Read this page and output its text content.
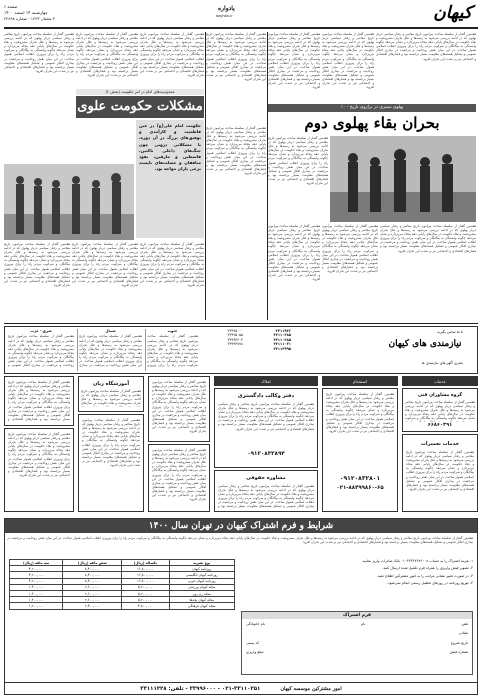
صفحه ۶
چهارشنبه ۱۴ اسفند ۱۴۰۰
۳ شعبان ۱۴۴۳ - شماره ۲۲۸۹۸
یادواره
kayhan.ir	کیهان
هفتمین گفتار از سلسله مباحث پیرامون تاریخ معاصر و رفتار سیاسی دربار پهلوی که در ادامه بررسی می‌شود به زمینه‌ها و علل بحران مشروعیت و بقاء حکومت در سال‌های پایانی دهه پنجاه می‌پردازد و نشان می‌دهد چگونه وابستگی به بیگانگان و سرکوب مردم راه را برای پیروزی انقلاب اسلامی هموار ساخت. در این میان نقش روحانیت و مرجعیت در بیداری افکار عمومی و تشکیل هسته‌های مقاومت بسیار برجسته بود و فشارهای اقتصادی و اجتماعی نیز بر شدت این بحران افزود.
هفتمین گفتار از سلسله مباحث پیرامون تاریخ معاصر و رفتار سیاسی دربار پهلوی که در ادامه بررسی می‌شود به زمینه‌ها و علل بحران مشروعیت و بقاء حکومت در سال‌های پایانی دهه پنجاه می‌پردازد و نشان می‌دهد چگونه وابستگی به بیگانگان و سرکوب مردم راه را برای پیروزی انقلاب اسلامی هموار ساخت. در این میان نقش روحانیت و مرجعیت در بیداری افکار عمومی و تشکیل هسته‌های مقاومت بسیار برجسته بود و فشارهای اقتصادی و اجتماعی نیز بر شدت این بحران افزود.
هفتمین گفتار از سلسله مباحث پیرامون تاریخ معاصر و رفتار سیاسی دربار پهلوی که در ادامه بررسی می‌شود به زمینه‌ها و علل بحران مشروعیت و بقاء حکومت در سال‌های پایانی دهه پنجاه می‌پردازد و نشان می‌دهد چگونه وابستگی به بیگانگان و سرکوب مردم راه را برای پیروزی انقلاب اسلامی هموار ساخت. در این میان نقش روحانیت و مرجعیت در بیداری افکار عمومی و تشکیل هسته‌های مقاومت بسیار برجسته بود و فشارهای اقتصادی و اجتماعی نیز بر شدت این بحران افزود.
پهلوی ستیزی در ترازوی تاریخ - ۱۰
بحران بقاء پهلوی دوم
هفتمین گفتار از سلسله مباحث پیرامون تاریخ معاصر و رفتار سیاسی دربار پهلوی که در ادامه بررسی می‌شود به زمینه‌ها و علل بحران مشروعیت و بقاء حکومت در سال‌های پایانی دهه پنجاه می‌پردازد و نشان می‌دهد چگونه وابستگی به بیگانگان و سرکوب مردم راه را برای پیروزی انقلاب اسلامی هموار ساخت. در این میان نقش روحانیت و مرجعیت در بیداری افکار عمومی و تشکیل هسته‌های مقاومت بسیار برجسته بود و فشارهای اقتصادی و اجتماعی نیز بر شدت این بحران افزود.
هفتمین گفتار از سلسله مباحث پیرامون تاریخ معاصر و رفتار سیاسی دربار پهلوی که در ادامه بررسی می‌شود به زمینه‌ها و علل بحران مشروعیت و بقاء حکومت در سال‌های پایانی دهه پنجاه می‌پردازد و نشان می‌دهد چگونه وابستگی به بیگانگان و سرکوب مردم راه را برای پیروزی انقلاب اسلامی هموار ساخت. در این میان نقش روحانیت و مرجعیت در بیداری افکار عمومی و تشکیل هسته‌های مقاومت بسیار برجسته بود و فشارهای اقتصادی و اجتماعی نیز بر شدت این بحران افزود.
هفتمین گفتار از سلسله مباحث پیرامون تاریخ معاصر و رفتار سیاسی دربار پهلوی که در ادامه بررسی می‌شود به زمینه‌ها و علل بحران مشروعیت و بقاء حکومت در سال‌های پایانی دهه پنجاه می‌پردازد و نشان می‌دهد چگونه وابستگی به بیگانگان و سرکوب مردم راه را برای پیروزی انقلاب اسلامی هموار ساخت. در این میان نقش روحانیت و مرجعیت در بیداری افکار عمومی و تشکیل هسته‌های مقاومت بسیار برجسته بود و فشارهای اقتصادی و اجتماعی نیز بر شدت این بحران افزود.
هفتمین گفتار از سلسله مباحث پیرامون تاریخ معاصر و رفتار سیاسی دربار پهلوی که در ادامه بررسی می‌شود به زمینه‌ها و علل بحران مشروعیت و بقاء حکومت در سال‌های پایانی دهه پنجاه می‌پردازد و نشان می‌دهد چگونه وابستگی به بیگانگان و سرکوب مردم راه را برای پیروزی انقلاب اسلامی هموار ساخت. در این میان نقش روحانیت و مرجعیت در بیداری افکار عمومی و تشکیل هسته‌های مقاومت بسیار برجسته بود و فشارهای اقتصادی و اجتماعی نیز بر شدت این بحران افزود.
هفتمین گفتار از سلسله مباحث پیرامون تاریخ معاصر و رفتار سیاسی دربار پهلوی که در ادامه بررسی می‌شود به زمینه‌ها و علل بحران مشروعیت و بقاء حکومت در سال‌های پایانی دهه پنجاه می‌پردازد و نشان می‌دهد چگونه وابستگی به بیگانگان و سرکوب مردم راه را برای پیروزی انقلاب اسلامی هموار ساخت. در این میان نقش روحانیت و مرجعیت در بیداری افکار عمومی و تشکیل هسته‌های مقاومت بسیار برجسته بود و فشارهای اقتصادی و اجتماعی نیز بر شدت این بحران افزود.
هفتمین گفتار از سلسله مباحث پیرامون تاریخ معاصر و رفتار سیاسی دربار پهلوی که در ادامه بررسی می‌شود به زمینه‌ها و علل بحران مشروعیت و بقاء حکومت در سال‌های پایانی دهه پنجاه می‌پردازد و نشان می‌دهد چگونه وابستگی به بیگانگان و سرکوب مردم راه را برای پیروزی انقلاب اسلامی هموار ساخت. در این میان نقش روحانیت و مرجعیت در بیداری افکار عمومی و تشکیل هسته‌های مقاومت بسیار برجسته بود و فشارهای اقتصادی و اجتماعی نیز بر شدت این بحران افزود.
هفتمین گفتار از سلسله مباحث پیرامون تاریخ معاصر و رفتار سیاسی دربار پهلوی که در ادامه بررسی می‌شود به زمینه‌ها و علل بحران مشروعیت و بقاء حکومت در سال‌های پایانی دهه پنجاه می‌پردازد و نشان می‌دهد چگونه وابستگی به بیگانگان و سرکوب مردم راه را برای پیروزی انقلاب اسلامی هموار ساخت. در این میان نقش روحانیت و مرجعیت در بیداری افکار عمومی و تشکیل هسته‌های مقاومت بسیار برجسته بود و فشارهای اقتصادی و اجتماعی نیز بر شدت این بحران افزود.
هفتمین گفتار از سلسله مباحث پیرامون تاریخ معاصر و رفتار سیاسی دربار پهلوی که در ادامه بررسی می‌شود به زمینه‌ها و علل بحران مشروعیت و بقاء حکومت در سال‌های پایانی دهه پنجاه می‌پردازد و نشان می‌دهد چگونه وابستگی به بیگانگان و سرکوب مردم راه را برای پیروزی انقلاب اسلامی هموار ساخت. در این میان نقش روحانیت و مرجعیت در بیداری افکار عمومی و تشکیل هسته‌های مقاومت بسیار برجسته بود و فشارهای اقتصادی و اجتماعی نیز بر شدت این بحران افزود.
محدودیت‌های امام در امر حکومت (بخش ۲)
مشکلات حکومت علوی
حکومت امام علی(ع) در عین قاطعیت و کارآمدی و توفیق‌های بزرگ در آن دوره، با مشکلاتی درونی چون جنگ‌های داخلی ناکثین، قاسطین و مارقین، نفوذ منافقان و خصلت‌های ناپسند برخی یاران مواجه بود.
هفتمین گفتار از سلسله مباحث پیرامون تاریخ معاصر و رفتار سیاسی دربار پهلوی که در ادامه بررسی می‌شود به زمینه‌ها و علل بحران مشروعیت و بقاء حکومت در سال‌های پایانی دهه پنجاه می‌پردازد و نشان می‌دهد چگونه وابستگی به بیگانگان و سرکوب مردم راه را برای پیروزی انقلاب اسلامی هموار ساخت. در این میان نقش روحانیت و مرجعیت در بیداری افکار عمومی و تشکیل هسته‌های مقاومت بسیار برجسته بود و فشارهای اقتصادی و اجتماعی نیز بر شدت این بحران افزود.
هفتمین گفتار از سلسله مباحث پیرامون تاریخ معاصر و رفتار سیاسی دربار پهلوی که در ادامه بررسی می‌شود به زمینه‌ها و علل بحران مشروعیت و بقاء حکومت در سال‌های پایانی دهه پنجاه می‌پردازد و نشان می‌دهد چگونه وابستگی به بیگانگان و سرکوب مردم راه را برای پیروزی انقلاب اسلامی هموار ساخت. در این میان نقش روحانیت و مرجعیت در بیداری افکار عمومی و تشکیل هسته‌های مقاومت بسیار برجسته بود و فشارهای اقتصادی و اجتماعی نیز بر شدت این بحران افزود.
هفتمین گفتار از سلسله مباحث پیرامون تاریخ معاصر و رفتار سیاسی دربار پهلوی که در ادامه بررسی می‌شود به زمینه‌ها و علل بحران مشروعیت و بقاء حکومت در سال‌های پایانی دهه پنجاه می‌پردازد و نشان می‌دهد چگونه وابستگی به بیگانگان و سرکوب مردم راه را برای پیروزی انقلاب اسلامی هموار ساخت. در این میان نقش روحانیت و مرجعیت در بیداری افکار عمومی و تشکیل هسته‌های مقاومت بسیار برجسته بود و فشارهای اقتصادی و اجتماعی نیز بر شدت این بحران افزود.
هفتمین گفتار از سلسله مباحث پیرامون تاریخ معاصر و رفتار سیاسی دربار پهلوی که در ادامه بررسی می‌شود به زمینه‌ها و علل بحران مشروعیت و بقاء حکومت در سال‌های پایانی دهه پنجاه می‌پردازد و نشان می‌دهد چگونه وابستگی به بیگانگان و سرکوب مردم راه را برای پیروزی انقلاب اسلامی هموار ساخت. در این میان نقش روحانیت و مرجعیت در بیداری افکار عمومی و تشکیل هسته‌های مقاومت بسیار برجسته بود و فشارهای اقتصادی و اجتماعی نیز بر شدت این بحران افزود.
نیازمندی های کیهان
با ما تماس بگیرید
مجری آگهی‌های نیازمندی ها
۳۳۱۱۹۳۶
۳۳۱۱۰۳۸۵
۳۳۱۱۰۳۸۵
۳۳۱۱۱۰۳۱
۳۳۱۱۲۹۹۵
۳۳۹۹۵۰۰۰
۳۳۹۹۵۰۵۵
۳۳۹۹۴۴۰۲
۳۳۹۹۴۷۷۸
جنوب
هفتمین گفتار از سلسله مباحث پیرامون تاریخ معاصر و رفتار سیاسی دربار پهلوی که در ادامه بررسی می‌شود به زمینه‌ها و علل بحران مشروعیت و بقاء حکومت در سال‌های پایانی دهه پنجاه می‌پردازد و نشان می‌دهد چگونه وابستگی به بیگانگان و سرکوب مردم راه را برای پیروزی
شمال
هفتمین گفتار از سلسله مباحث پیرامون تاریخ معاصر و رفتار سیاسی دربار پهلوی که در ادامه بررسی می‌شود به زمینه‌ها و علل بحران مشروعیت و بقاء حکومت در سال‌های پایانی دهه پنجاه می‌پردازد و نشان می‌دهد چگونه وابستگی به بیگانگان و سرکوب مردم راه را برای پیروزی انقلاب اسلامی هموار ساخت. در این میان نقش روحانیت و مرجعیت در بیداری
شرق - غرب
هفتمین گفتار از سلسله مباحث پیرامون تاریخ معاصر و رفتار سیاسی دربار پهلوی که در ادامه بررسی می‌شود به زمینه‌ها و علل بحران مشروعیت و بقاء حکومت در سال‌های پایانی دهه پنجاه می‌پردازد و نشان می‌دهد چگونه وابستگی به بیگانگان و سرکوب مردم راه را برای پیروزی انقلاب اسلامی هموار ساخت. در این میان نقش روحانیت و مرجعیت در بیداری افکار عمومی و
خدمات
گروه مشاوران فنی
هفتمین گفتار از سلسله مباحث پیرامون تاریخ معاصر و رفتار سیاسی دربار پهلوی که در ادامه بررسی می‌شود به زمینه‌ها و علل بحران مشروعیت و بقاء حکومت در سال‌های پایانی دهه پنجاه می‌پردازد و نشان می‌دهد چگونه وابستگی به بیگانگان و سرکوب
۶۶۸۶۰۳۹۱
خدمات تعمیرات
هفتمین گفتار از سلسله مباحث پیرامون تاریخ معاصر و رفتار سیاسی دربار پهلوی که در ادامه بررسی می‌شود به زمینه‌ها و علل بحران مشروعیت و بقاء حکومت در سال‌های پایانی دهه پنجاه می‌پردازد و نشان می‌دهد چگونه وابستگی به بیگانگان و سرکوب مردم راه را برای پیروزی انقلاب اسلامی هموار ساخت. در این میان نقش روحانیت و مرجعیت در بیداری افکار عمومی و تشکیل هسته‌های مقاومت بسیار برجسته بود و فشارهای اقتصادی و اجتماعی نیز بر شدت این بحران افزود.
استخدام
هفتمین گفتار از سلسله مباحث پیرامون تاریخ معاصر و رفتار سیاسی دربار پهلوی که در ادامه بررسی می‌شود به زمینه‌ها و علل بحران مشروعیت و بقاء حکومت در سال‌های پایانی دهه پنجاه می‌پردازد و نشان می‌دهد چگونه وابستگی به بیگانگان و سرکوب مردم راه را برای پیروزی انقلاب اسلامی هموار ساخت. در این میان نقش روحانیت و مرجعیت در بیداری افکار عمومی و تشکیل هسته‌های مقاومت بسیار برجسته بود و فشارهای اقتصادی و اجتماعی نیز بر شدت این بحران افزود.
۰۹۱۲۰۸۳۲۸۰۱
۰۲۱-۸۸۴۹۹۸۶۰-۶۵
املاک
دفتر وکالت دادگستری
هفتمین گفتار از سلسله مباحث پیرامون تاریخ معاصر و رفتار سیاسی دربار پهلوی که در ادامه بررسی می‌شود به زمینه‌ها و علل بحران مشروعیت و بقاء حکومت در سال‌های پایانی دهه پنجاه می‌پردازد و نشان می‌دهد چگونه وابستگی به بیگانگان و سرکوب مردم راه را برای پیروزی انقلاب اسلامی هموار ساخت. در این میان نقش روحانیت و مرجعیت در بیداری افکار عمومی و تشکیل هسته‌های مقاومت بسیار برجسته بود و فشارهای اقتصادی و اجتماعی نیز بر شدت این بحران افزود.
۰۹۱۲۰۸۳۳۸۹۴
مشاوره حقوقی
هفتمین گفتار از سلسله مباحث پیرامون تاریخ معاصر و رفتار سیاسی دربار پهلوی که در ادامه بررسی می‌شود به زمینه‌ها و علل بحران مشروعیت و بقاء حکومت در سال‌های پایانی دهه پنجاه می‌پردازد و نشان می‌دهد چگونه وابستگی به بیگانگان و سرکوب مردم راه را برای پیروزی انقلاب اسلامی هموار ساخت. در این میان نقش روحانیت و مرجعیت در بیداری افکار عمومی و تشکیل هسته‌های مقاومت بسیار برجسته بود و
هفتمین گفتار از سلسله مباحث پیرامون تاریخ معاصر و رفتار سیاسی دربار پهلوی که در ادامه بررسی می‌شود به زمینه‌ها و علل بحران مشروعیت و بقاء حکومت در سال‌های پایانی دهه پنجاه می‌پردازد و نشان می‌دهد چگونه وابستگی به بیگانگان و سرکوب مردم راه را برای پیروزی انقلاب اسلامی هموار ساخت. در این میان نقش روحانیت و مرجعیت در بیداری افکار عمومی و تشکیل هسته‌های مقاومت بسیار برجسته بود و فشارهای اقتصادی و اجتماعی نیز بر شدت این بحران افزود.
هفتمین گفتار از سلسله مباحث پیرامون تاریخ معاصر و رفتار سیاسی دربار پهلوی که در ادامه بررسی می‌شود به زمینه‌ها و علل بحران مشروعیت و بقاء حکومت در سال‌های پایانی دهه پنجاه می‌پردازد و نشان می‌دهد چگونه وابستگی به بیگانگان و سرکوب مردم راه را برای پیروزی انقلاب اسلامی هموار ساخت. در این میان نقش روحانیت و مرجعیت در بیداری افکار عمومی و تشکیل هسته‌های مقاومت بسیار برجسته بود و فشارهای اقتصادی و اجتماعی نیز بر شدت این بحران افزود.
آموزشگاه زبان
هفتمین گفتار از سلسله مباحث پیرامون تاریخ معاصر و رفتار سیاسی دربار پهلوی که در ادامه بررسی می‌شود به زمینه‌ها و علل بحران مشروعیت و بقاء حکومت در سال‌های
هفتمین گفتار از سلسله مباحث پیرامون تاریخ معاصر و رفتار سیاسی دربار پهلوی که در ادامه بررسی می‌شود به زمینه‌ها و علل بحران مشروعیت و بقاء حکومت در سال‌های پایانی دهه پنجاه می‌پردازد و نشان می‌دهد چگونه وابستگی به بیگانگان و سرکوب مردم راه را برای پیروزی انقلاب اسلامی هموار ساخت. در این میان نقش روحانیت و مرجعیت در بیداری افکار عمومی و تشکیل هسته‌های مقاومت بسیار برجسته بود و فشارهای اقتصادی و اجتماعی نیز بر شدت این بحران افزود.
هفتمین گفتار از سلسله مباحث پیرامون تاریخ معاصر و رفتار سیاسی دربار پهلوی که در ادامه بررسی می‌شود به زمینه‌ها و علل بحران مشروعیت و بقاء حکومت در سال‌های پایانی دهه پنجاه می‌پردازد و نشان می‌دهد چگونه وابستگی به بیگانگان و سرکوب مردم راه را برای پیروزی انقلاب اسلامی هموار ساخت. در این میان نقش روحانیت و مرجعیت در بیداری افکار عمومی و تشکیل هسته‌های مقاومت بسیار برجسته بود و فشارهای اقتصادی و
هفتمین گفتار از سلسله مباحث پیرامون تاریخ معاصر و رفتار سیاسی دربار پهلوی که در ادامه بررسی می‌شود به زمینه‌ها و علل بحران مشروعیت و بقاء حکومت در سال‌های پایانی دهه پنجاه می‌پردازد و نشان می‌دهد چگونه وابستگی به بیگانگان و سرکوب مردم راه را برای پیروزی انقلاب اسلامی هموار ساخت. در این میان نقش روحانیت و مرجعیت در بیداری افکار عمومی و تشکیل هسته‌های مقاومت بسیار برجسته بود و فشارهای اقتصادی و اجتماعی نیز بر شدت این بحران افزود.
شرایط و فرم اشتراک کیهان در تهران سال ۱۴۰۰
هفتمین گفتار از سلسله مباحث پیرامون تاریخ معاصر و رفتار سیاسی دربار پهلوی که در ادامه بررسی می‌شود به زمینه‌ها و علل بحران مشروعیت و بقاء حکومت در سال‌های پایانی دهه پنجاه می‌پردازد و نشان می‌دهد چگونه وابستگی به بیگانگان و سرکوب مردم راه را برای پیروزی انقلاب اسلامی هموار ساخت. در این میان نقش روحانیت و مرجعیت در بیداری افکار عمومی و تشکیل هسته‌های مقاومت بسیار برجسته بود و فشارهای اقتصادی و اجتماعی نیز بر شدت این بحران افزود.
نوع نشریه	یکساله (ریال)	شش ماهه (ریال)	سه ماهه (ریال)
روزنامه کیهان	۱۶,۸۰۰,۰۰۰	۸,۴۰۰,۰۰۰	۴,۲۰۰,۰۰۰
روزنامه کیهان انگلیسی	۱۶,۸۰۰,۰۰۰	۸,۴۰۰,۰۰۰	۴,۲۰۰,۰۰۰
روزنامه کیهان عربی	۱۶,۸۰۰,۰۰۰	۸,۴۰۰,۰۰۰	۴,۲۰۰,۰۰۰
مجله کیهان ورزشی	۵,۲۰۰,۰۰۰	۲,۶۰۰,۰۰۰	۱,۳۰۰,۰۰۰
مجله زن روز	۵,۲۰۰,۰۰۰	۲,۶۰۰,۰۰۰	۱,۳۰۰,۰۰۰
مجله کیهان بچه‌ها	۵,۲۰۰,۰۰۰	۲,۶۰۰,۰۰۰	۱,۳۰۰,۰۰۰
مجله کیهان فرهنگی	۴,۸۰۰,۰۰۰	۲,۴۰۰,۰۰۰	۱,۲۰۰,۰۰۰
۱- هزینه اشتراک را به حساب ۰۱۰۴۳۳۲۷۶۷۶۰۰۸ بانک صادرات واریز نمایید.
۲- تصویر فیش واریزی را همراه فرم تکمیل شده ارسال کنید.
۳- در صورت تغییر نشانی مراتب را به امور مشترکین اطلاع دهید.
۴- توزیع روزنامه در روزهای تعطیل رسمی انجام نمی‌شود.
فرم اشتراک
نام خانوادگی	نام	تلفن
نشانی
کد پستی	تاریخ شروع
مبلغ واریزی	شماره فیش
امور مشترکین موسسه کیهان
۰۲۱-۳۳۱۱۰۲۵۱ - ۳۳۹۹۶۰۰۰ - تلفن: ۳۳۱۱۱۲۲۸
